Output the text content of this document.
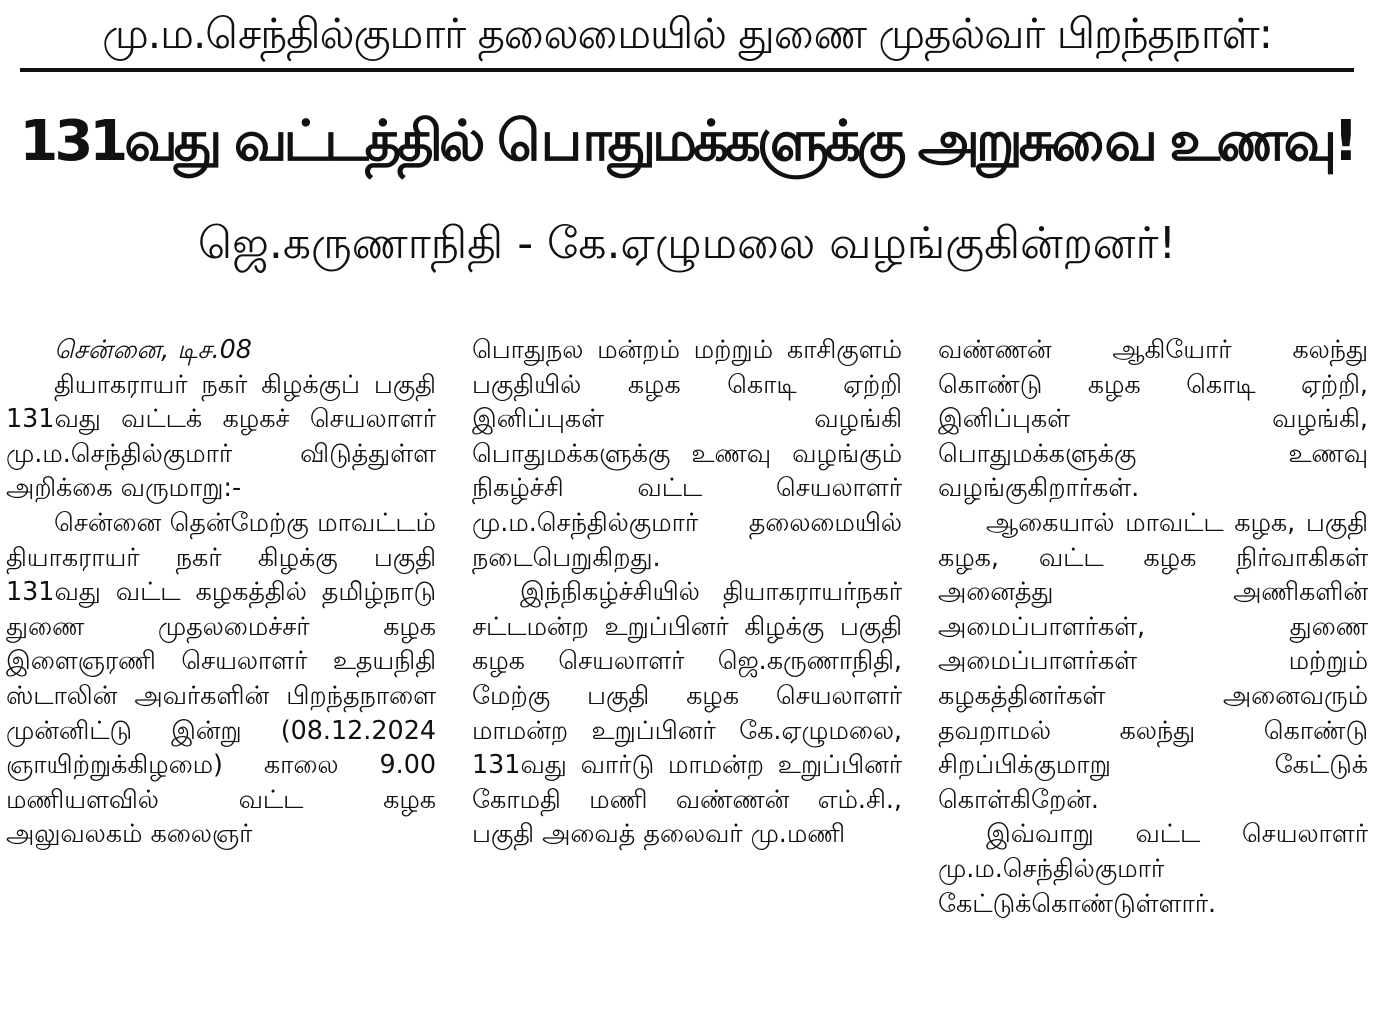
மு.ம.செந்தில்குமார் தலைமையில் துணை முதல்வர் பிறந்தநாள்:
131வது வட்டத்தில் பொதுமக்களுக்கு அறுசுவை உணவு!
ஜெ.கருணாநிதி - கே.ஏழுமலை வழங்குகின்றனர்!

சென்னை, டிச.08

தியாகராயர் நகர் கிழக்குப் பகுதி 131வது வட்டக் கழகச் செயலாளர் மு.ம.செந்தில்குமார் விடுத்துள்ள அறிக்கை வருமாறு:-

சென்னை தென்மேற்கு மாவட்டம் தியாகராயர் நகர் கிழக்கு பகுதி 131வது வட்ட கழகத்தில் தமிழ்நாடு துணை முதலமைச்சர் கழக இளைஞரணி செயலாளர் உதயநிதி ஸ்டாலின் அவர்களின் பிறந்தநாளை முன்னிட்டு இன்று (08.12.2024 ஞாயிற்றுக்கிழமை) காலை 9.00 மணியளவில் வட்ட கழக அலுவலகம் கலைஞர்

பொதுநல மன்றம் மற்றும் காசிகுளம் பகுதியில் கழக கொடி ஏற்றி இனிப்புகள் வழங்கி பொதுமக்களுக்கு உணவு வழங்கும் நிகழ்ச்சி வட்ட செயலாளர் மு.ம.செந்தில்குமார் தலைமையில் நடைபெறுகிறது.

இந்நிகழ்ச்சியில் தியாகராயர்நகர் சட்டமன்ற உறுப்பினர் கிழக்கு பகுதி கழக செயலாளர் ஜெ.கருணாநிதி, மேற்கு பகுதி கழக செயலாளர் மாமன்ற உறுப்பினர் கே.ஏழுமலை, 131வது வார்டு மாமன்ற உறுப்பினர் கோமதி மணி வண்ணன் எம்.சி., பகுதி அவைத் தலைவர் மு.மணி

வண்ணன் ஆகியோர் கலந்து கொண்டு கழக கொடி ஏற்றி, இனிப்புகள் வழங்கி, பொதுமக்களுக்கு உணவு வழங்குகிறார்கள்.

ஆகையால் மாவட்ட கழக, பகுதி கழக, வட்ட கழக நிர்வாகிகள் அனைத்து அணிகளின் அமைப்பாளர்கள், துணை அமைப்பாளர்கள் மற்றும் கழகத்தினர்கள் அனைவரும் தவறாமல் கலந்து கொண்டு சிறப்பிக்குமாறு கேட்டுக் கொள்கிறேன்.

இவ்வாறு வட்ட செயலாளர் மு.ம.செந்தில்குமார் கேட்டுக்கொண்டுள்ளார்.
